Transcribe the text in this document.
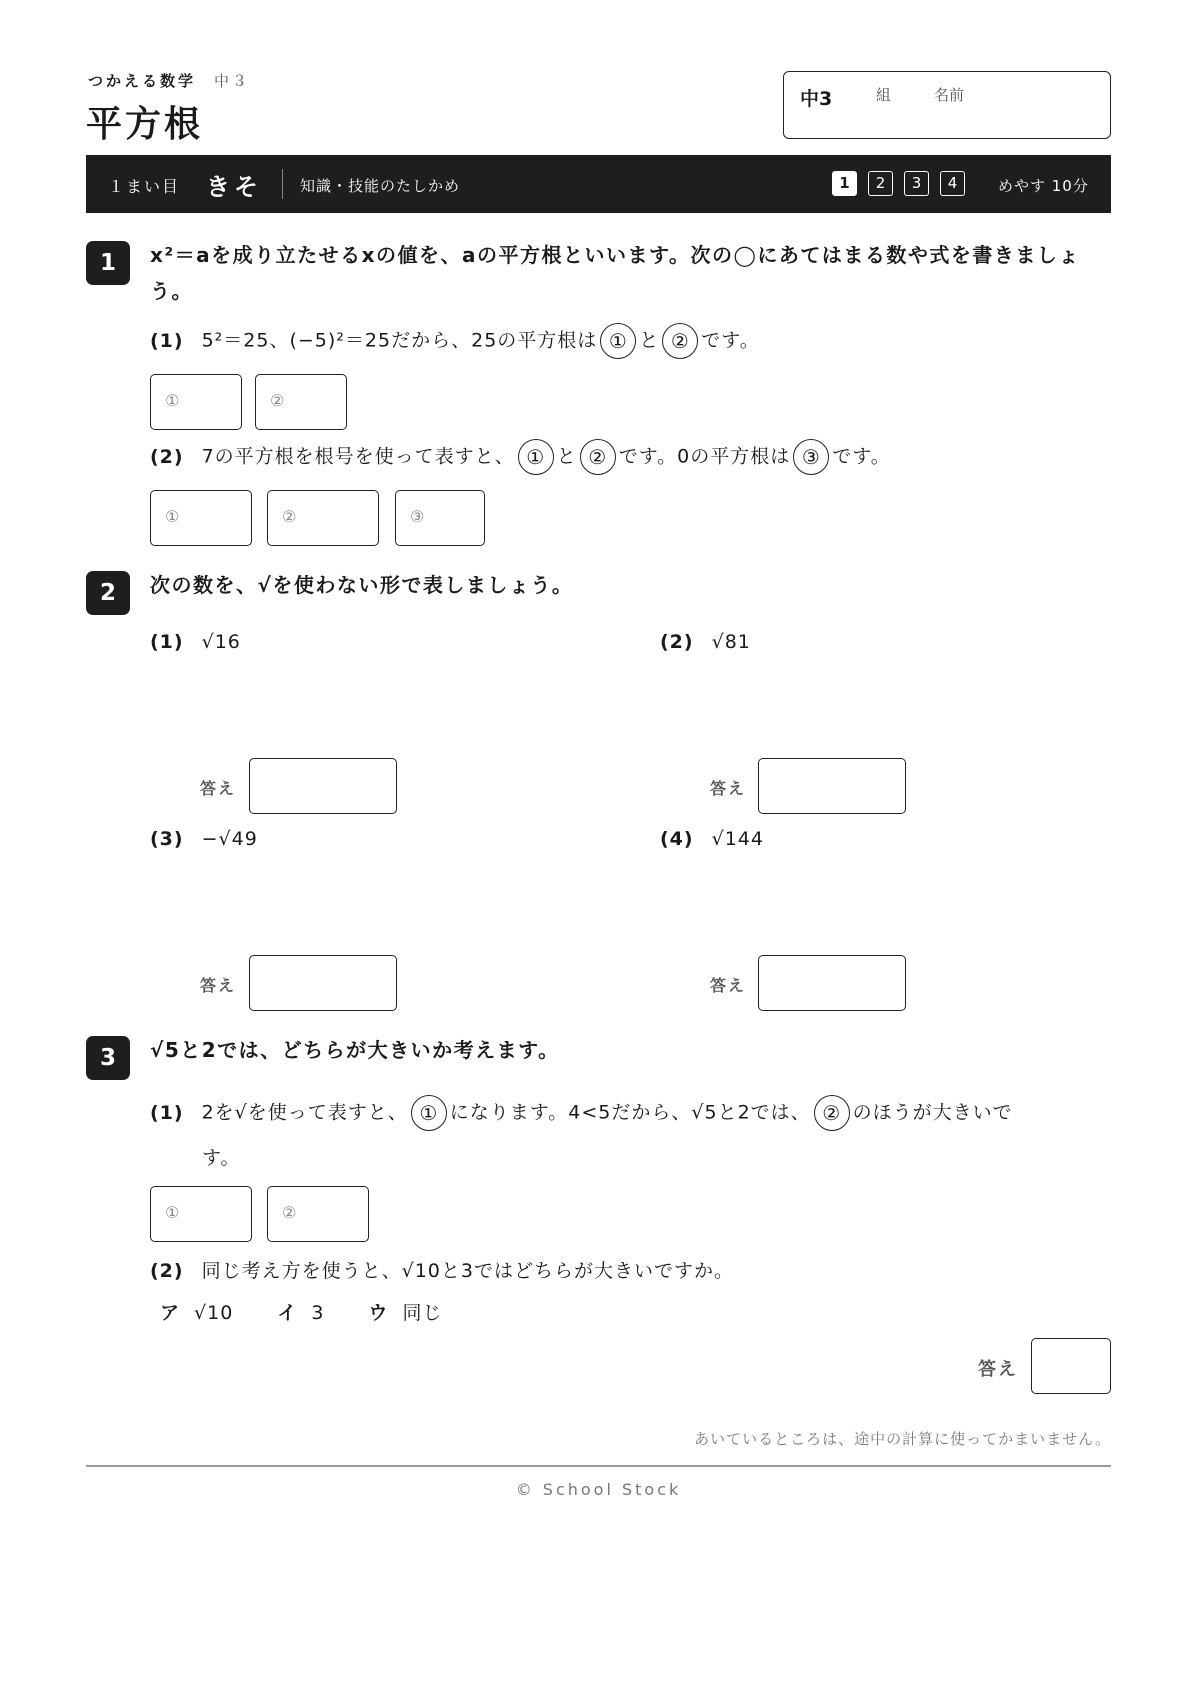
つかえる数学 中３
平方根
中3	組	名前
１まい目 きそ	知識・技能のたしかめ	1	2	3	4	めやす 10分
1	x²＝aを成り立たせるxの値を、aの平方根といいます。次の◯にあてはまる数や式を書きましょう。
(1) 5²＝25、(−5)²＝25だから、25の平方根は ① と ② です。
①	②
(2) 7の平方根を根号を使って表すと、 ① と ② です。0の平方根は ③ です。
①	②	③
2	次の数を、√を使わない形で表しましょう。
(1) √16	(2) √81
答え	答え
(3) −√49	(4) √144
答え	答え
3	√5と2では、どちらが大きいか考えます。
(1) 2を√を使って表すと、 ① になります。4<5だから、√5と2では、 ② のほうが大きいで
す。
①	②
(2) 同じ考え方を使うと、√10と3ではどちらが大きいですか。
ア √10 イ 3 ウ 同じ
答え
あいているところは、途中の計算に使ってかまいません。
© School Stock
